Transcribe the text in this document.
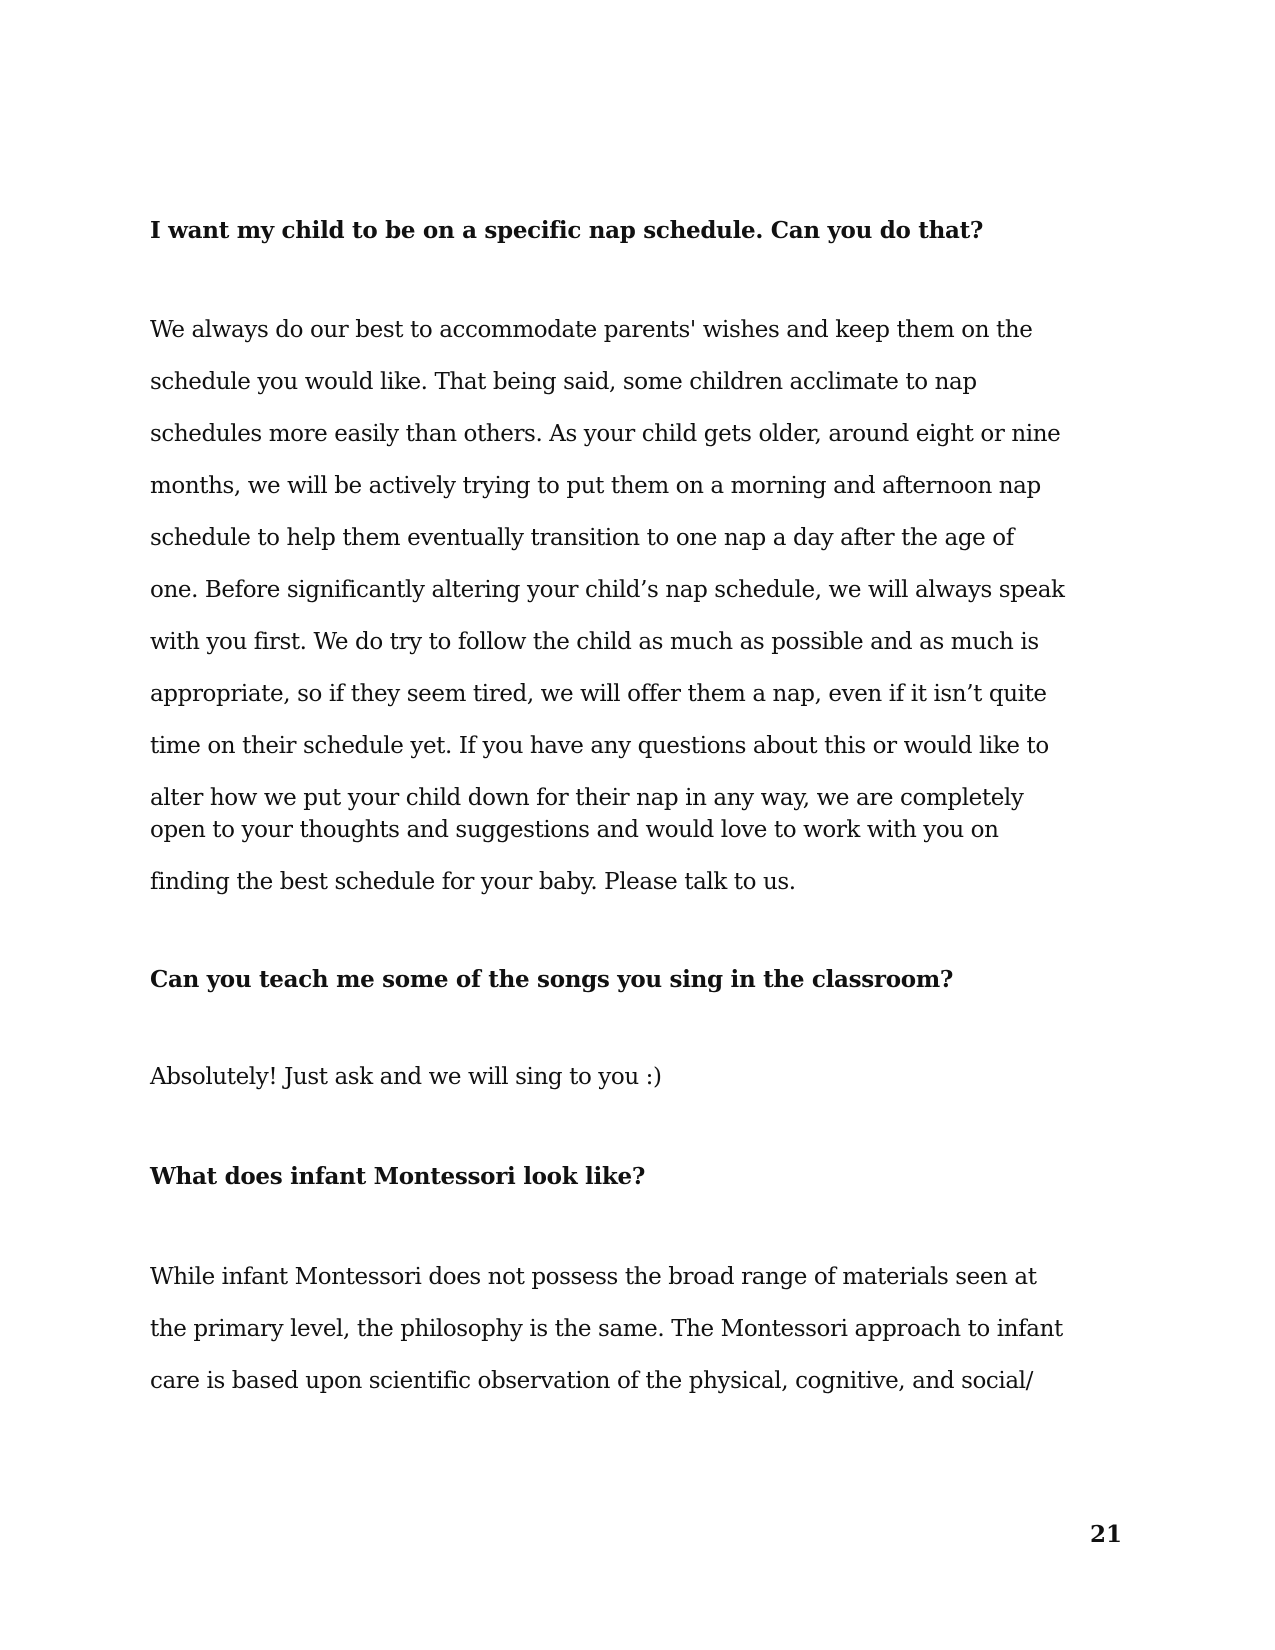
I want my child to be on a specific nap schedule. Can you do that?
We always do our best to accommodate parents' wishes and keep them on the
schedule you would like. That being said, some children acclimate to nap
schedules more easily than others. As your child gets older, around eight or nine
months, we will be actively trying to put them on a morning and afternoon nap
schedule to help them eventually transition to one nap a day after the age of
one. Before significantly altering your child’s nap schedule, we will always speak
with you first. We do try to follow the child as much as possible and as much is
appropriate, so if they seem tired, we will offer them a nap, even if it isn’t quite
time on their schedule yet. If you have any questions about this or would like to
alter how we put your child down for their nap in any way, we are completely
open to your thoughts and suggestions and would love to work with you on
finding the best schedule for your baby. Please talk to us.
Can you teach me some of the songs you sing in the classroom?
Absolutely! Just ask and we will sing to you :)
What does infant Montessori look like?
While infant Montessori does not possess the broad range of materials seen at
the primary level, the philosophy is the same. The Montessori approach to infant
care is based upon scientific observation of the physical, cognitive, and social/
21
